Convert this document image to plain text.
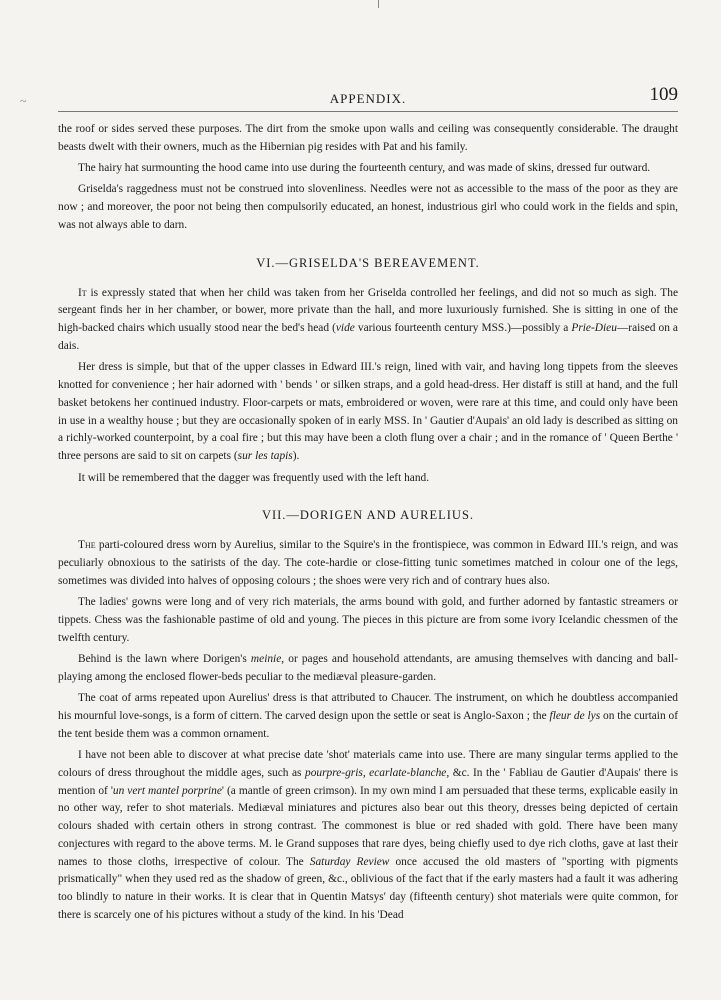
~	APPENDIX.	109

the roof or sides served these purposes. The dirt from the smoke upon walls and ceiling was consequently considerable. The draught beasts dwelt with their owners, much as the Hibernian pig resides with Pat and his family.

The hairy hat surmounting the hood came into use during the fourteenth century, and was made of skins, dressed fur outward.

Griselda's raggedness must not be construed into slovenliness. Needles were not as accessible to the mass of the poor as they are now ; and moreover, the poor not being then compulsorily educated, an honest, industrious girl who could work in the fields and spin, was not always able to darn.

VI.—GRISELDA'S BEREAVEMENT.

It is expressly stated that when her child was taken from her Griselda controlled her feelings, and did not so much as sigh. The sergeant finds her in her chamber, or bower, more private than the hall, and more luxuriously furnished. She is sitting in one of the high-backed chairs which usually stood near the bed's head (vide various fourteenth century MSS.)—possibly a Prie-Dieu—raised on a dais.

Her dress is simple, but that of the upper classes in Edward III.'s reign, lined with vair, and having long tippets from the sleeves knotted for convenience ; her hair adorned with ' bends ' or silken straps, and a gold head-dress. Her distaff is still at hand, and the full basket betokens her continued industry. Floor-carpets or mats, embroidered or woven, were rare at this time, and could only have been in use in a wealthy house ; but they are occasionally spoken of in early MSS. In ' Gautier d'Aupais' an old lady is described as sitting on a richly-worked counterpoint, by a coal fire ; but this may have been a cloth flung over a chair ; and in the romance of ' Queen Berthe ' three persons are said to sit on carpets (sur les tapis).

It will be remembered that the dagger was frequently used with the left hand.

VII.—DORIGEN AND AURELIUS.

The parti-coloured dress worn by Aurelius, similar to the Squire's in the frontispiece, was common in Edward III.'s reign, and was peculiarly obnoxious to the satirists of the day. The cote-hardie or close-fitting tunic sometimes matched in colour one of the legs, sometimes was divided into halves of opposing colours ; the shoes were very rich and of contrary hues also.

The ladies' gowns were long and of very rich materials, the arms bound with gold, and further adorned by fantastic streamers or tippets. Chess was the fashionable pastime of old and young. The pieces in this picture are from some ivory Icelandic chessmen of the twelfth century.

Behind is the lawn where Dorigen's meinie, or pages and household attendants, are amusing themselves with dancing and ball-playing among the enclosed flower-beds peculiar to the mediæval pleasure-garden.

The coat of arms repeated upon Aurelius' dress is that attributed to Chaucer. The instrument, on which he doubtless accompanied his mournful love-songs, is a form of cittern. The carved design upon the settle or seat is Anglo-Saxon ; the fleur de lys on the curtain of the tent beside them was a common ornament.

I have not been able to discover at what precise date 'shot' materials came into use. There are many singular terms applied to the colours of dress throughout the middle ages, such as pourpre-gris, ecarlate-blanche, &c. In the ' Fabliau de Gautier d'Aupais' there is mention of 'un vert mantel porprine' (a mantle of green crimson). In my own mind I am persuaded that these terms, explicable easily in no other way, refer to shot materials. Mediæval miniatures and pictures also bear out this theory, dresses being depicted of certain colours shaded with certain others in strong contrast. The commonest is blue or red shaded with gold. There have been many conjectures with regard to the above terms. M. le Grand supposes that rare dyes, being chiefly used to dye rich cloths, gave at last their names to those cloths, irrespective of colour. The Saturday Review once accused the old masters of "sporting with pigments prismatically" when they used red as the shadow of green, &c., oblivious of the fact that if the early masters had a fault it was adhering too blindly to nature in their works. It is clear that in Quentin Matsys' day (fifteenth century) shot materials were quite common, for there is scarcely one of his pictures without a study of the kind. In his 'Dead
